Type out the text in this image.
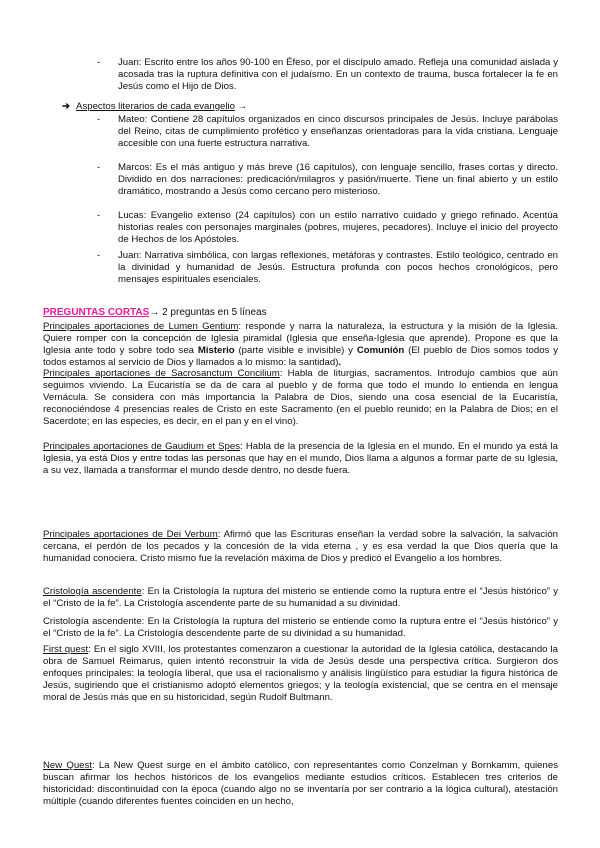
- Juan: Escrito entre los años 90-100 en Éfeso, por el discípulo amado. Refleja una comunidad aislada y acosada tras la ruptura definitiva con el judaísmo. En un contexto de trauma, busca fortalecer la fe en Jesús como el Hijo de Dios.
➔ Aspectos literarios de cada evangelio →
- Mateo: Contiene 28 capítulos organizados en cinco discursos principales de Jesús. Incluye parábolas del Reino, citas de cumplimiento profético y enseñanzas orientadoras para la vida cristiana. Lenguaje accesible con una fuerte estructura narrativa.
- Marcos: Es el más antiguo y más breve (16 capítulos), con lenguaje sencillo, frases cortas y directo. Dividido en dos narraciones: predicación/milagros y pasión/muerte. Tiene un final abierto y un estilo dramático, mostrando a Jesús como cercano pero misterioso.
- Lucas: Evangelio extenso (24 capítulos) con un estilo narrativo cuidado y griego refinado. Acentúa historias reales con personajes marginales (pobres, mujeres, pecadores). Incluye el inicio del proyecto de Hechos de los Apóstoles.
- Juan: Narrativa simbólica, con largas reflexiones, metáforas y contrastes. Estilo teológico, centrado en la divinidad y humanidad de Jesús. Estructura profunda con pocos hechos cronológicos, pero mensajes espirituales esenciales.
PREGUNTAS CORTAS→ 2 preguntas en 5 líneas
Principales aportaciones de Lumen Gentium: responde y narra la naturaleza, la estructura y la misión de la Iglesia. Quiere romper con la concepción de Iglesia piramidal (Iglesia que enseña-Iglesia que aprende). Propone es que la Iglesia ante todo y sobre todo sea Misterio (parte visible e invisible) y Comunión (El pueblo de Dios somos todos y todos estamos al servicio de Dios y llamados a lo mismo: la santidad).
Principales aportaciones de Sacrosanctum Concilium: Habla de liturgias, sacramentos. Introdujo cambios que aún seguimos viviendo. La Eucaristía se da de cara al pueblo y de forma que todo el mundo lo entienda en lengua Vernácula. Se considera con más importancia la Palabra de Dios, siendo una cosa esencial de la Eucaristía, reconociéndose 4 presencias reales de Cristo en este Sacramento (en el pueblo reunido; en la Palabra de Dios; en el Sacerdote; en las especies, es decir, en el pan y en el vino).
Principales aportaciones de Gaudium et Spes: Habla de la presencia de la Iglesia en el mundo. En el mundo ya está la Iglesia, ya está Dios y entre todas las personas que hay en el mundo, Dios llama a algunos a formar parte de su Iglesia, a su vez, llamada a transformar el mundo desde dentro, no desde fuera.
Principales aportaciones de Dei Verbum: Afirmó que las Escrituras enseñan la verdad sobre la salvación, la salvación cercana, el perdón de los pecados y la concesión de la vida eterna , y es esa verdad la que Dios quería que la humanidad conociera. Cristo mismo fue la revelación máxima de Dios y predicó el Evangelio a los hombres.
Cristología ascendente: En la Cristología la ruptura del misterio se entiende como la ruptura entre el “Jesús histórico” y el “Cristo de la fe”. La Cristología ascendente parte de su humanidad a su divinidad.
Cristología ascendente: En la Cristología la ruptura del misterio se entiende como la ruptura entre el “Jesús histórico” y el “Cristo de la fe”. La Cristología descendente parte de su divinidad a su humanidad.
First quest: En el siglo XVIII, los protestantes comenzaron a cuestionar la autoridad de la Iglesia católica, destacando la obra de Samuel Reimarus, quien intentó reconstruir la vida de Jesús desde una perspectiva crítica. Surgieron dos enfoques principales: la teología liberal, que usa el racionalismo y análisis lingüístico para estudiar la figura histórica de Jesús, sugiriendo que el cristianismo adoptó elementos griegos; y la teología existencial, que se centra en el mensaje moral de Jesús más que en su historicidad, según Rudolf Bultmann.
New Quest: La New Quest surge en el ámbito católico, con representantes como Conzelman y Bornkamm, quienes buscan afirmar los hechos históricos de los evangelios mediante estudios críticos. Establecen tres criterios de historicidad: discontinuidad con la época (cuando algo no se inventaría por ser contrario a la lógica cultural), atestación múltiple (cuando diferentes fuentes coinciden en un hecho,
